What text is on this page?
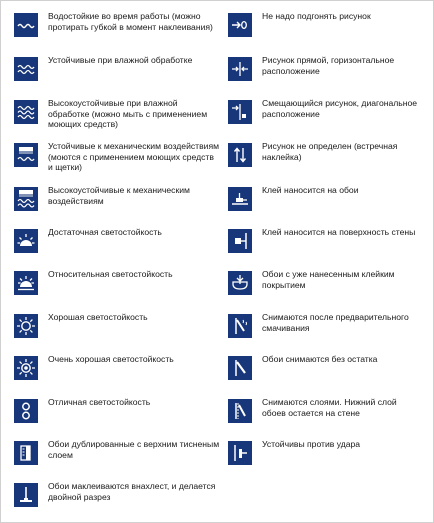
Водостойкие во время работы (можно протирать губкой в момент наклеивания)
Устойчивые при влажной обработке
Высокоустойчивые при влажной обработке (можно мыть с применением моющих средств)
Устойчивые к механическим воздействиям (моются с применением моющих средств и щетки)
Высокоустойчивые к механическим воздействиям
Достаточная светостойкость
Относительная светостойкость
Хорошая светостойкость
Очень хорошая светостойкость
Отличная светостойкость
Обои дублированные с верхним тисненым слоем
Обои маклеиваются внахлест, и делается двойной разрез
Не надо подгонять рисунок
Рисунок прямой, горизонтальное расположение
Смещающийся рисунок, диагональное расположение
Рисунок не определен (встречная наклейка)
Клей наносится на обои
Клей наносится на поверхность стены
Обои с уже нанесенным клейким покрытием
Снимаются после предварительного смачивания
Обои снимаются без остатка
Снимаются слоями. Нижний слой обоев остается на стене
Устойчивы против удара
